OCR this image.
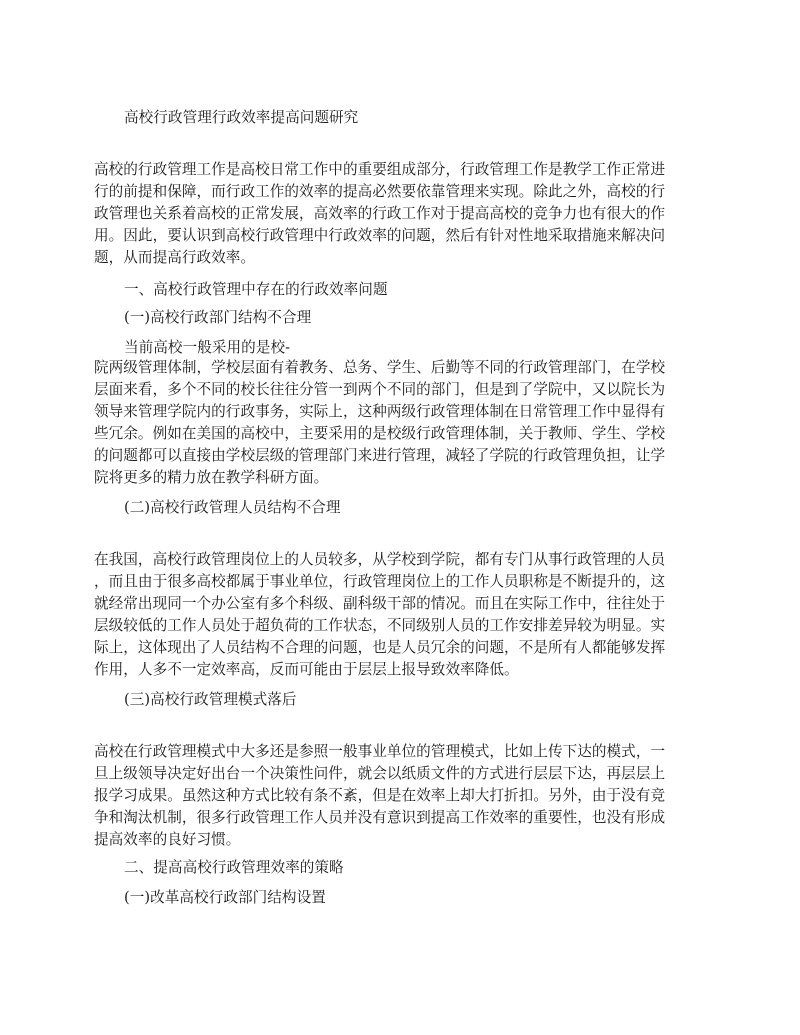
高校行政管理行政效率提高问题研究
高校的行政管理工作是高校日常工作中的重要组成部分，行政管理工作是教学工作正常进
行的前提和保障，而行政工作的效率的提高必然要依靠管理来实现。除此之外，高校的行
政管理也关系着高校的正常发展，高效率的行政工作对于提高高校的竞争力也有很大的作
用。因此，要认识到高校行政管理中行政效率的问题，然后有针对性地采取措施来解决问
题，从而提高行政效率。
一、高校行政管理中存在的行政效率问题
(一)高校行政部门结构不合理
当前高校一般采用的是校-
院两级管理体制，学校层面有着教务、总务、学生、后勤等不同的行政管理部门，在学校
层面来看，多个不同的校长往往分管一到两个不同的部门，但是到了学院中，又以院长为
领导来管理学院内的行政事务，实际上，这种两级行政管理体制在日常管理工作中显得有
些冗余。例如在美国的高校中，主要采用的是校级行政管理体制，关于教师、学生、学校
的问题都可以直接由学校层级的管理部门来进行管理，减轻了学院的行政管理负担，让学
院将更多的精力放在教学科研方面。
(二)高校行政管理人员结构不合理
在我国，高校行政管理岗位上的人员较多，从学校到学院，都有专门从事行政管理的人员
，而且由于很多高校都属于事业单位，行政管理岗位上的工作人员职称是不断提升的，这
就经常出现同一个办公室有多个科级、副科级干部的情况。而且在实际工作中，往往处于
层级较低的工作人员处于超负荷的工作状态，不同级别人员的工作安排差异较为明显。实
际上，这体现出了人员结构不合理的问题，也是人员冗余的问题，不是所有人都能够发挥
作用，人多不一定效率高，反而可能由于层层上报导致效率降低。
(三)高校行政管理模式落后
高校在行政管理模式中大多还是参照一般事业单位的管理模式，比如上传下达的模式，一
旦上级领导决定好出台一个决策性问件，就会以纸质文件的方式进行层层下达，再层层上
报学习成果。虽然这种方式比较有条不紊，但是在效率上却大打折扣。另外，由于没有竞
争和淘汰机制，很多行政管理工作人员并没有意识到提高工作效率的重要性，也没有形成
提高效率的良好习惯。
二、提高高校行政管理效率的策略
(一)改革高校行政部门结构设置
